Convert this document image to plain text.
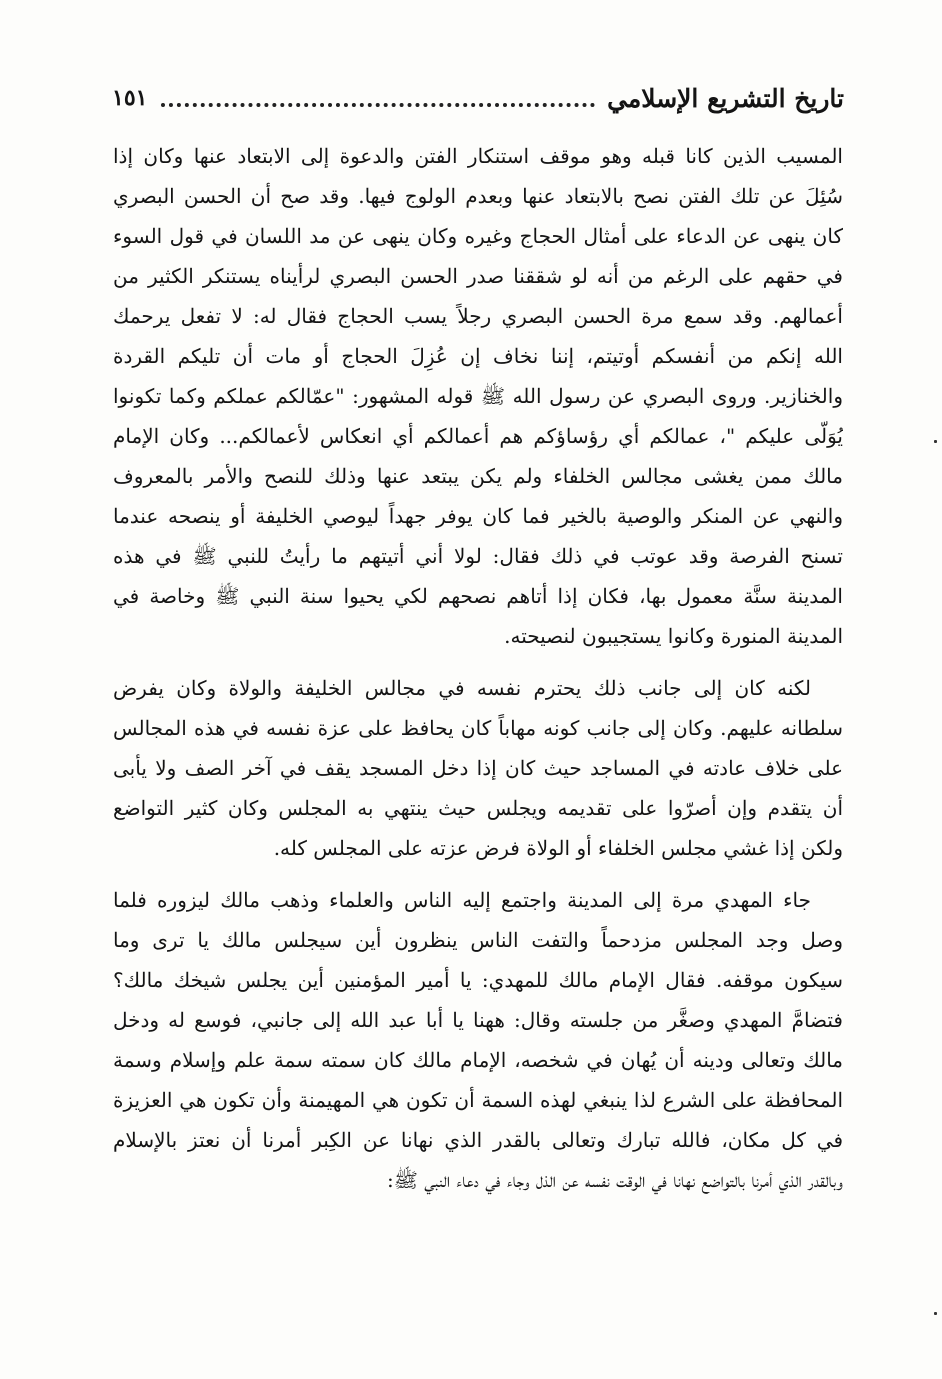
تاريخ التشريع الإسلامي
١٥١
المسيب الذين كانا قبله وهو موقف استنكار الفتن والدعوة إلى الابتعاد عنها وكان إذا
سُئِلَ عن تلك الفتن نصح بالابتعاد عنها وبعدم الولوج فيها. وقد صح أن الحسن البصري
كان ينهى عن الدعاء على أمثال الحجاج وغيره وكان ينهى عن مد اللسان في قول السوء
في حقهم على الرغم من أنه لو شققنا صدر الحسن البصري لرأيناه يستنكر الكثير من
أعمالهم. وقد سمع مرة الحسن البصري رجلاً يسب الحجاج فقال له: لا تفعل يرحمك
الله إنكم من أنفسكم أوتيتم، إننا نخاف إن عُزِلَ الحجاج أو مات أن تليكم القردة
والخنازير. وروى البصري عن رسول الله ﷺ قوله المشهور: "عمّالكم عملكم وكما تكونوا
يُوَلّى عليكم "، عمالكم أي رؤساؤكم هم أعمالكم أي انعكاس لأعمالكم... وكان الإمام
مالك ممن يغشى مجالس الخلفاء ولم يكن يبتعد عنها وذلك للنصح والأمر بالمعروف
والنهي عن المنكر والوصية بالخير فما كان يوفر جهداً ليوصي الخليفة أو ينصحه عندما
تسنح الفرصة وقد عوتب في ذلك فقال: لولا أني أتيتهم ما رأيتُ للنبي ﷺ في هذه
المدينة سنَّة معمول بها، فكان إذا أتاهم نصحهم لكي يحيوا سنة النبي ﷺ وخاصة في
المدينة المنورة وكانوا يستجيبون لنصيحته.
لكنه كان إلى جانب ذلك يحترم نفسه في مجالس الخليفة والولاة وكان يفرض
سلطانه عليهم. وكان إلى جانب كونه مهاباً كان يحافظ على عزة نفسه في هذه المجالس
على خلاف عادته في المساجد حيث كان إذا دخل المسجد يقف في آخر الصف ولا يأبى
أن يتقدم وإن أصرّوا على تقديمه ويجلس حيث ينتهي به المجلس وكان كثير التواضع
ولكن إذا غشي مجلس الخلفاء أو الولاة فرض عزته على المجلس كله.
جاء المهدي مرة إلى المدينة واجتمع إليه الناس والعلماء وذهب مالك ليزوره فلما
وصل وجد المجلس مزدحماً والتفت الناس ينظرون أين سيجلس مالك يا ترى وما
سيكون موقفه. فقال الإمام مالك للمهدي: يا أمير المؤمنين أين يجلس شيخك مالك؟
فتضامَّ المهدي وصغَّر من جلسته وقال: ههنا يا أبا عبد الله إلى جانبي، فوسع له ودخل
مالك وتعالى ودينه أن يُهان في شخصه، الإمام مالك كان سمته سمة علم وإسلام وسمة
المحافظة على الشرع لذا ينبغي لهذه السمة أن تكون هي المهيمنة وأن تكون هي العزيزة
في كل مكان، فالله تبارك وتعالى بالقدر الذي نهانا عن الكِبر أمرنا أن نعتز بالإسلام
وبالقدر الذي أمرنا بالتواضع نهانا في الوقت نفسه عن الذل وجاء في دعاء النبي ﷺ:
